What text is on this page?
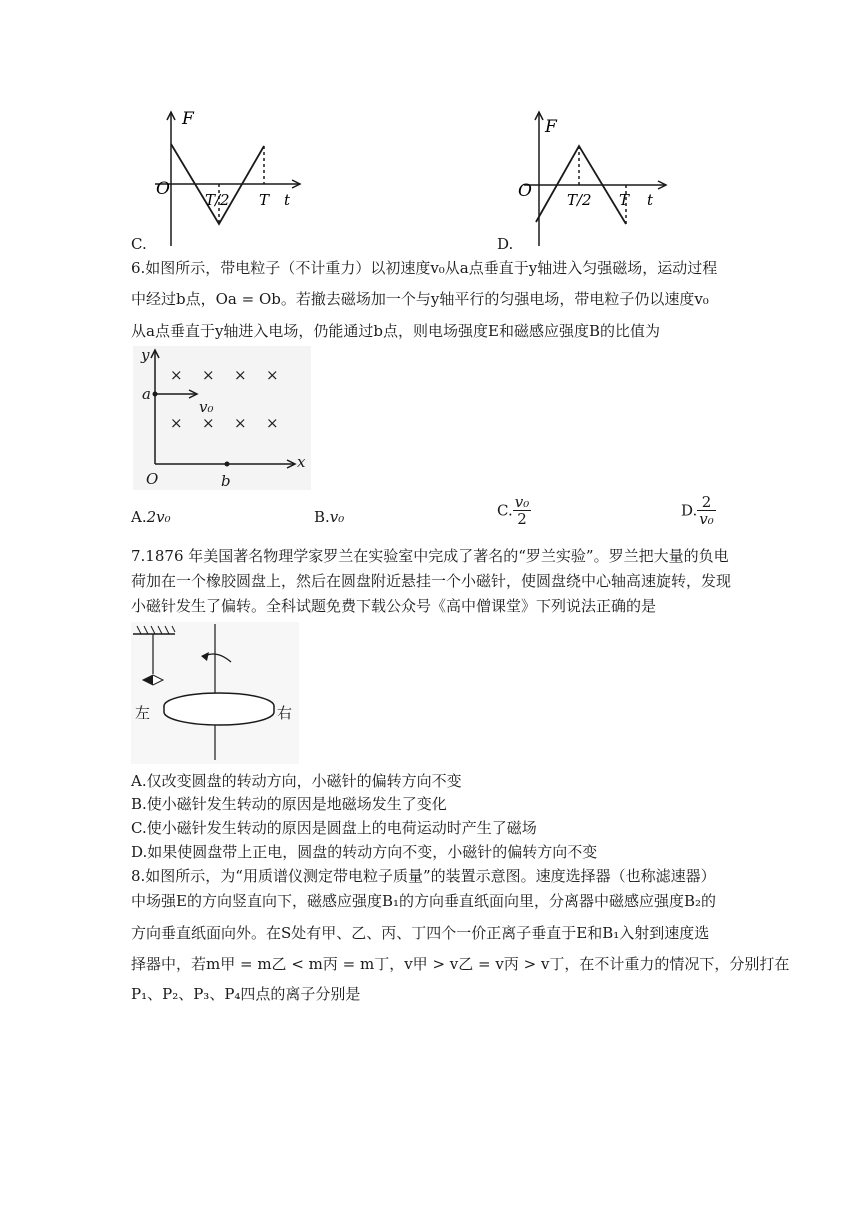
F
O
T/2 T t
C.
F
O T/2 T t
D.
6.如图所示，带电粒子（不计重力）以初速度v₀从a点垂直于y轴进入匀强磁场，运动过程
中经过b点，Oa = Ob。若撤去磁场加一个与y轴平行的匀强电场，带电粒子仍以速度v₀
从a点垂直于y轴进入电场，仍能通过b点，则电场强度E和磁感应强度B的比值为
× × × ×
× × × ×
y
x
a
b
O
v₀
A.2v₀	B.v₀	C. $\frac{\text{v₀}}{2}$	D. $\frac{2}{\text{v₀}}$
7.1876 年美国著名物理学家罗兰在实验室中完成了著名的“罗兰实验”。罗兰把大量的负电
荷加在一个橡胶圆盘上，然后在圆盘附近悬挂一个小磁针，使圆盘绕中心轴高速旋转，发现
小磁针发生了偏转。全科试题免费下载公众号《高中僧课堂》下列说法正确的是
左	右
A.仅改变圆盘的转动方向，小磁针的偏转方向不变
B.使小磁针发生转动的原因是地磁场发生了变化
C.使小磁针发生转动的原因是圆盘上的电荷运动时产生了磁场
D.如果使圆盘带上正电，圆盘的转动方向不变，小磁针的偏转方向不变
8.如图所示，为“用质谱仪测定带电粒子质量”的装置示意图。速度选择器（也称滤速器）
中场强E的方向竖直向下，磁感应强度B₁的方向垂直纸面向里，分离器中磁感应强度B₂的
方向垂直纸面向外。在S处有甲、乙、丙、丁四个一价正离子垂直于E和B₁入射到速度选
择器中，若m甲 = m乙 < m丙 = m丁，v甲 > v乙 = v丙 > v丁，在不计重力的情况下，分别打在
P₁、P₂、P₃、P₄四点的离子分别是
